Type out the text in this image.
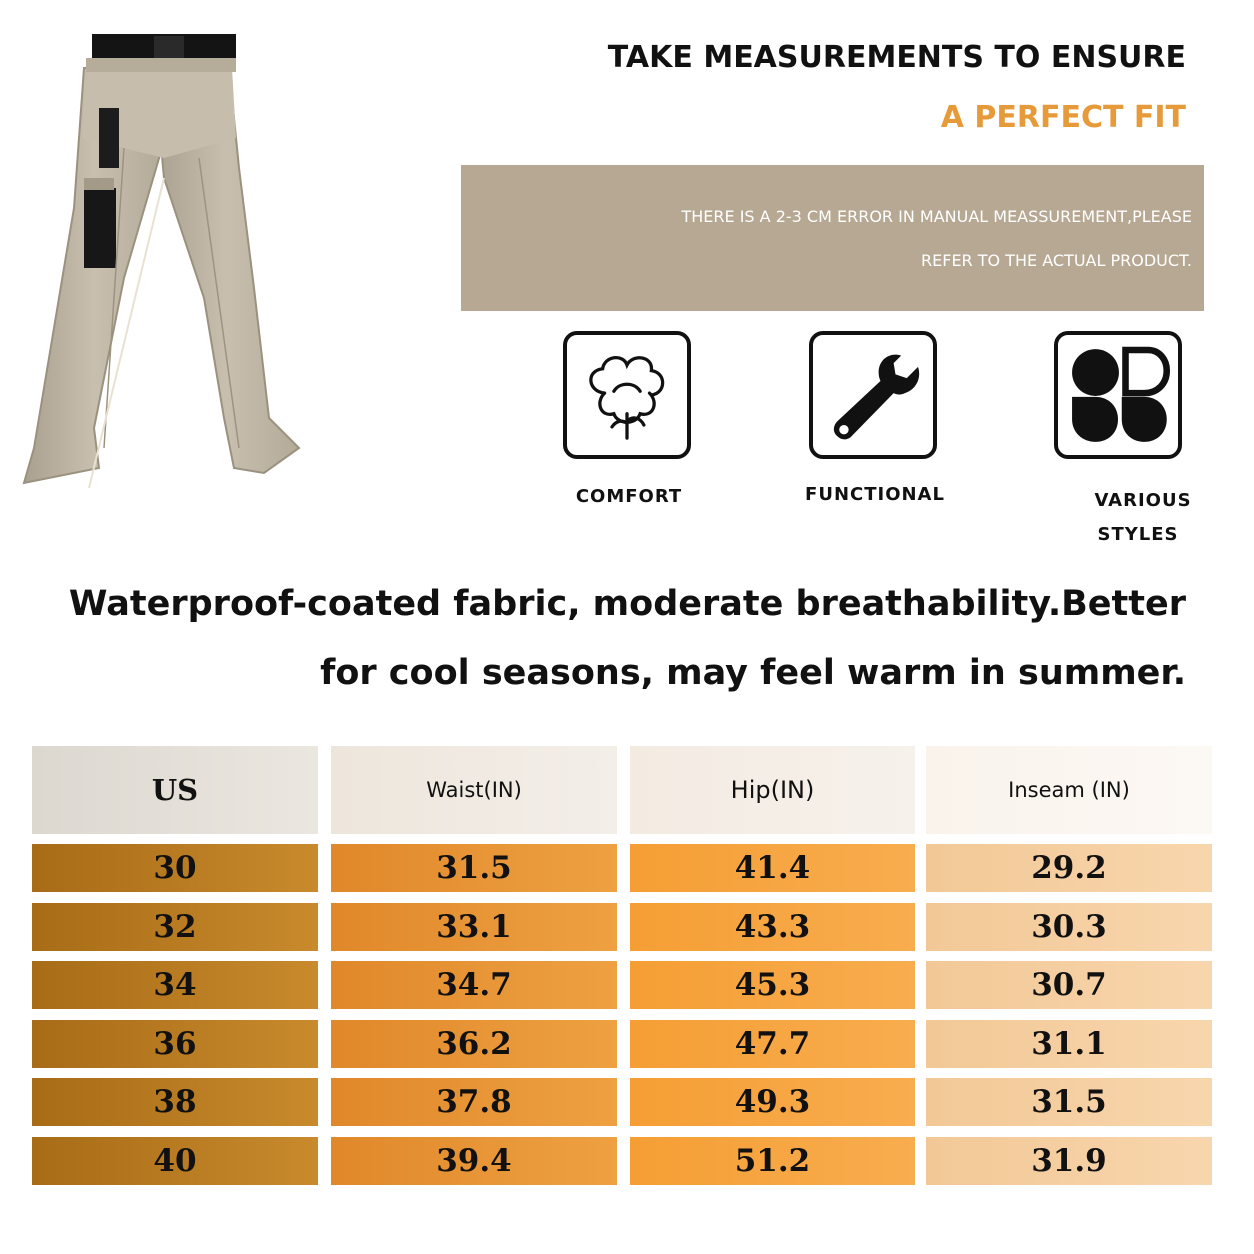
TAKE MEASUREMENTS TO ENSURE
A PERFECT FIT
THERE IS A 2-3 CM ERROR IN MANUAL MEASSUREMENT,PLEASE
REFER TO THE ACTUAL PRODUCT.
COMFORT	FUNCTIONAL	VARIOUS
STYLES
Waterproof-coated fabric, moderate breathability.Better
for cool seasons, may feel warm in summer.
US	Waist(IN)	Hip(IN)	Inseam (IN)
30	31.5	41.4	29.2
32	33.1	43.3	30.3
34	34.7	45.3	30.7
36	36.2	47.7	31.1
38	37.8	49.3	31.5
40	39.4	51.2	31.9
